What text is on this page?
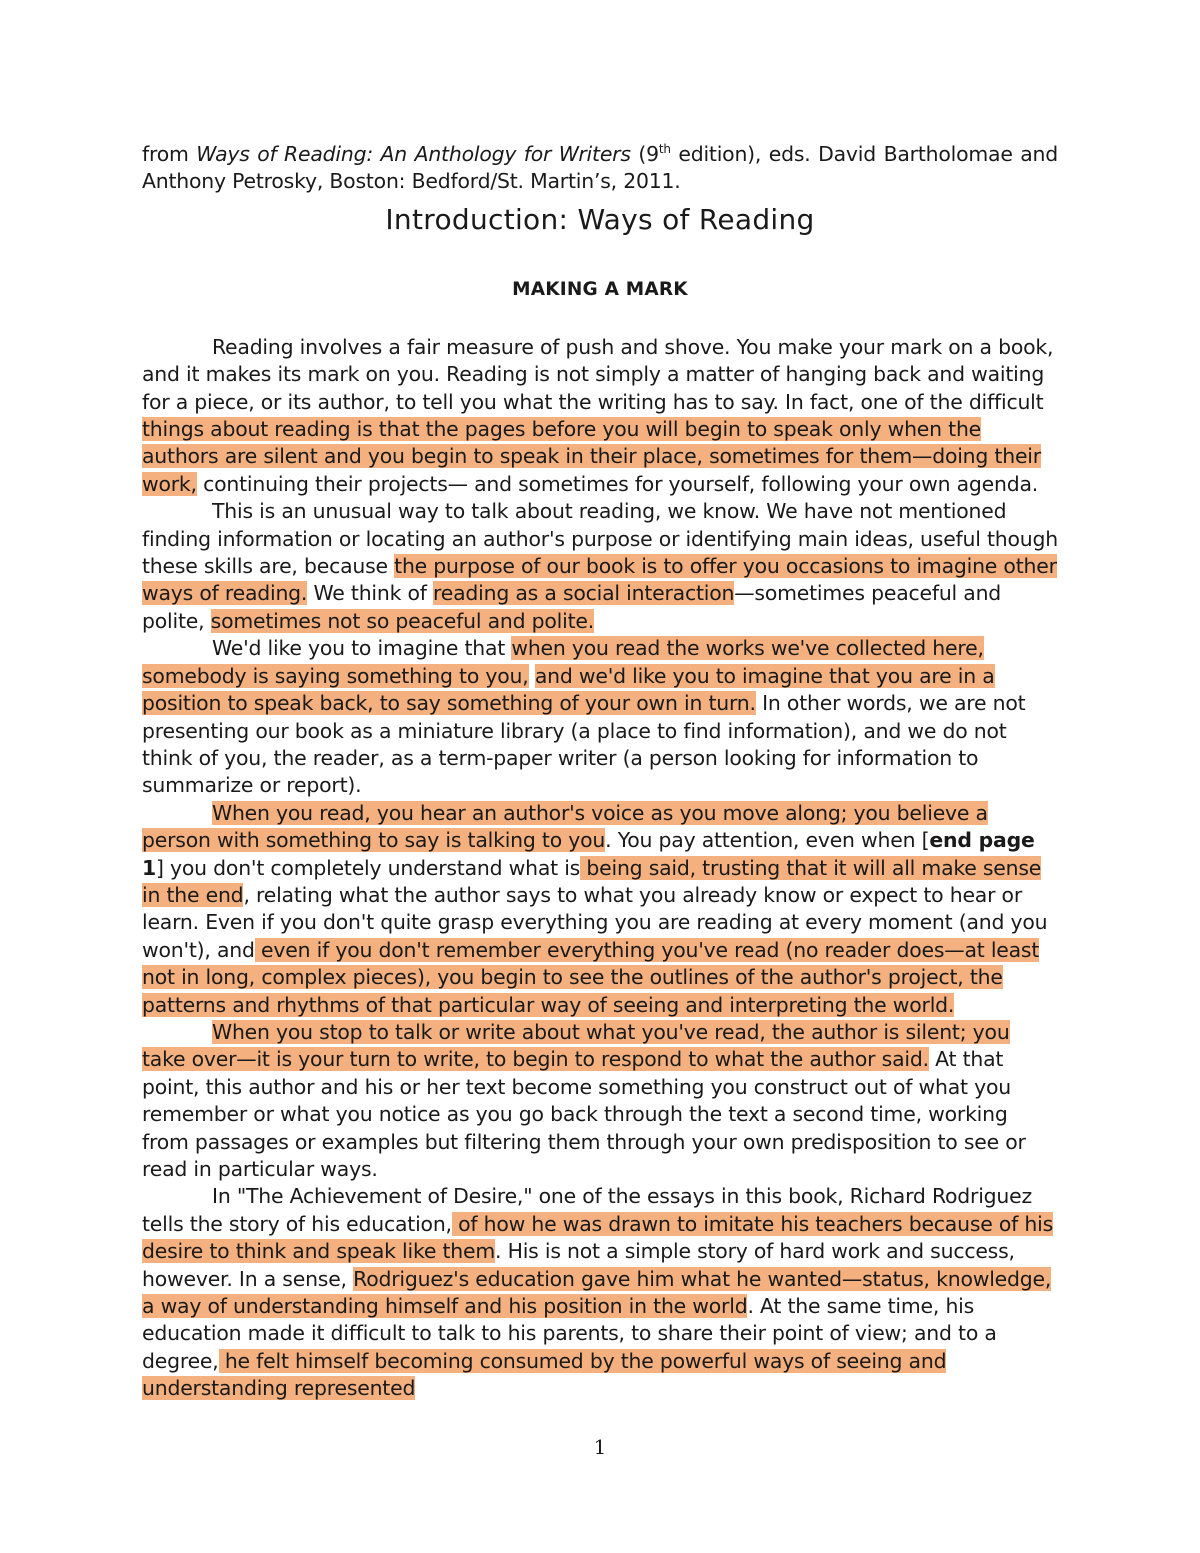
from Ways of Reading: An Anthology for Writers (9th edition), eds. David Bartholomae and Anthony Petrosky, Boston: Bedford/St. Martin’s, 2011.
Introduction: Ways of Reading
MAKING A MARK

Reading involves a fair measure of push and shove. You make your mark on a book, and it makes its mark on you. Reading is not simply a matter of hanging back and waiting for a piece, or its author, to tell you what the writing has to say. In fact, one of the difficult things about reading is that the pages before you will begin to speak only when the authors are silent and you begin to speak in their place, sometimes for them—doing their work, continuing their projects— and sometimes for yourself, following your own agenda.

This is an unusual way to talk about reading, we know. We have not mentioned finding information or locating an author's purpose or identifying main ideas, useful though these skills are, because the purpose of our book is to offer you occasions to imagine other ways of reading. We think of reading as a social interaction—sometimes peaceful and polite, sometimes not so peaceful and polite.

We'd like you to imagine that when you read the works we've collected here, somebody is saying something to you, and we'd like you to imagine that you are in a position to speak back, to say something of your own in turn. In other words, we are not presenting our book as a miniature library (a place to find information), and we do not think of you, the reader, as a term-paper writer (a person looking for information to summarize or report).

When you read, you hear an author's voice as you move along; you believe a person with something to say is talking to you. You pay attention, even when [end page 1] you don't completely understand what is being said, trusting that it will all make sense in the end, relating what the author says to what you already know or expect to hear or learn. Even if you don't quite grasp everything you are reading at every moment (and you won't), and even if you don't remember everything you've read (no reader does—at least not in long, complex pieces), you begin to see the outlines of the author's project, the patterns and rhythms of that particular way of seeing and interpreting the world.

When you stop to talk or write about what you've read, the author is silent; you take over—it is your turn to write, to begin to respond to what the author said. At that point, this author and his or her text become something you construct out of what you remember or what you notice as you go back through the text a second time, working from passages or examples but filtering them through your own predisposition to see or read in particular ways.

In "The Achievement of Desire," one of the essays in this book, Richard Rodriguez tells the story of his education, of how he was drawn to imitate his teachers because of his desire to think and speak like them. His is not a simple story of hard work and success, however. In a sense, Rodriguez's education gave him what he wanted—status, knowledge, a way of understanding himself and his position in the world. At the same time, his education made it difficult to talk to his parents, to share their point of view; and to a degree, he felt himself becoming consumed by the powerful ways of seeing and understanding represented

1
